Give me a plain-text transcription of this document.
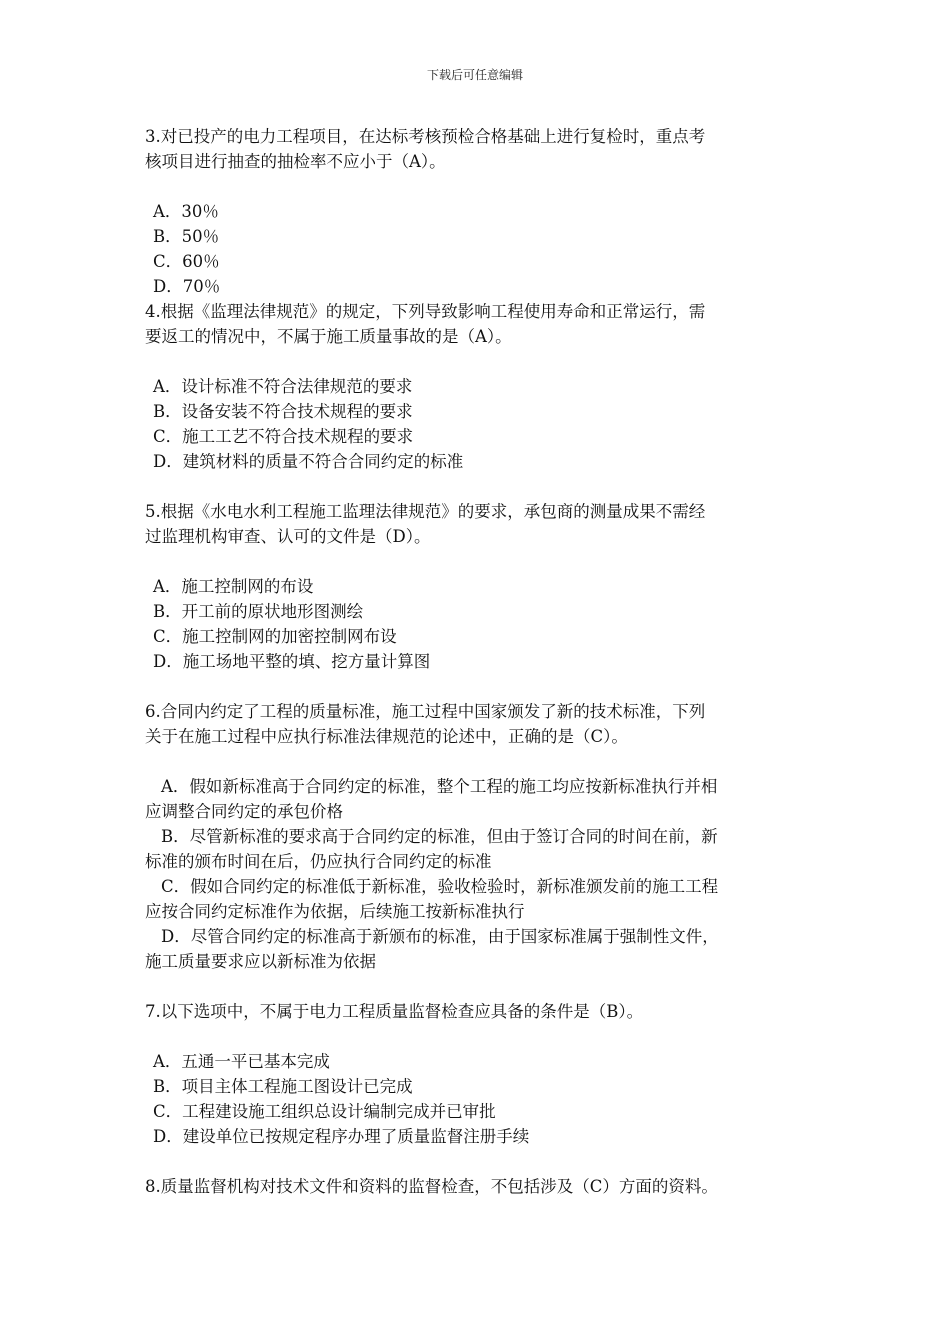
下载后可任意编辑

3.对已投产的电力工程项目，在达标考核预检合格基础上进行复检时，重点考

核项目进行抽查的抽检率不应小于（A）。

A．30％

B．50％

C．60％

D．70％

4.根据《监理法律规范》的规定，下列导致影响工程使用寿命和正常运行，需

要返工的情况中，不属于施工质量事故的是（A）。

A．设计标准不符合法律规范的要求

B．设备安装不符合技术规程的要求

C．施工工艺不符合技术规程的要求

D．建筑材料的质量不符合合同约定的标准

5.根据《水电水利工程施工监理法律规范》的要求，承包商的测量成果不需经

过监理机构审查、认可的文件是（D）。

A．施工控制网的布设

B．开工前的原状地形图测绘

C．施工控制网的加密控制网布设

D．施工场地平整的填、挖方量计算图

6.合同内约定了工程的质量标准，施工过程中国家颁发了新的技术标准，下列

关于在施工过程中应执行标准法律规范的论述中，正确的是（C）。

A．假如新标准高于合同约定的标准，整个工程的施工均应按新标准执行并相

应调整合同约定的承包价格

B．尽管新标准的要求高于合同约定的标准，但由于签订合同的时间在前，新

标准的颁布时间在后，仍应执行合同约定的标准

C．假如合同约定的标准低于新标准，验收检验时，新标准颁发前的施工工程

应按合同约定标准作为依据，后续施工按新标准执行

D．尽管合同约定的标准高于新颁布的标准，由于国家标准属于强制性文件，

施工质量要求应以新标准为依据

7.以下选项中，不属于电力工程质量监督检查应具备的条件是（B）。

A．五通一平已基本完成

B．项目主体工程施工图设计已完成

C．工程建设施工组织总设计编制完成并已审批

D．建设单位已按规定程序办理了质量监督注册手续

8.质量监督机构对技术文件和资料的监督检查，不包括涉及（C）方面的资料。
